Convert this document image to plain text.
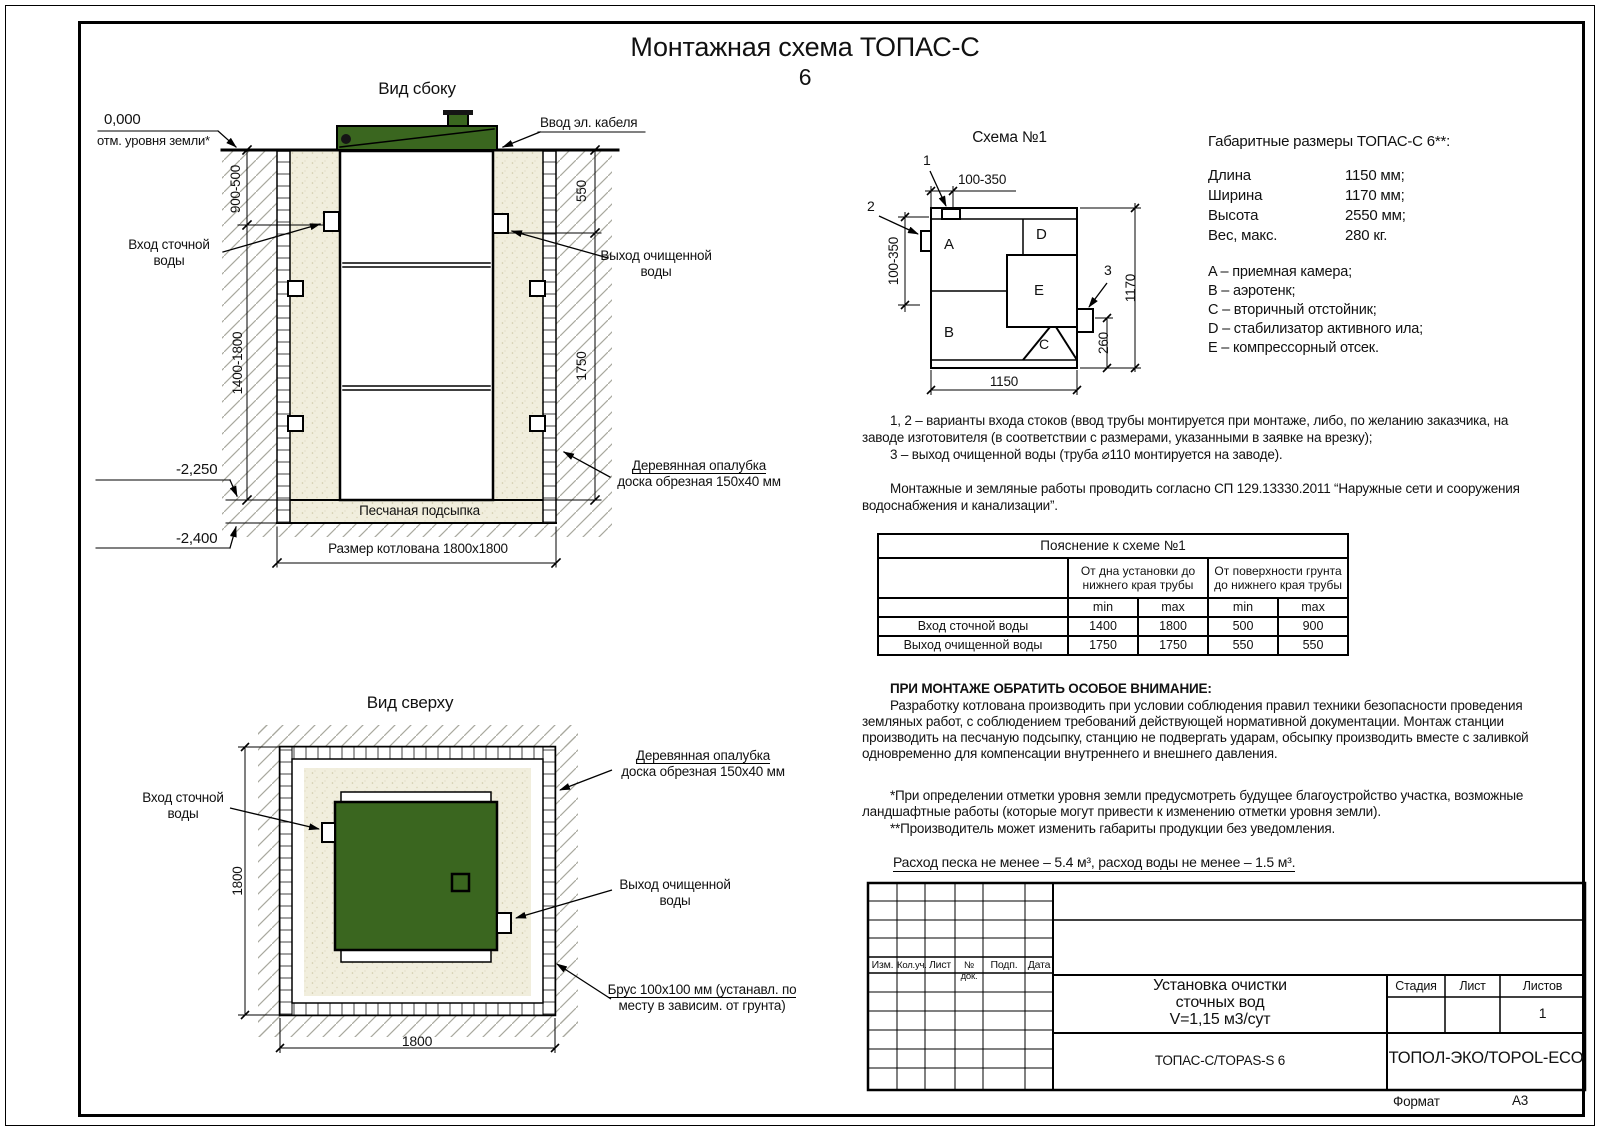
Монтажная схема ТОПАС-С
6
Вид сбоку
0,000
отм. уровня земли*
Вход сточной воды
Ввод эл. кабеля
Выход очищенной воды
Деревянная опалубка
доска обрезная 150х40 мм
Песчаная подсыпка
Размер котлована 1800х1800
-2,250
-2,400
900-500
1400-1800
550
1750
Вид сверху
Вход сточной воды
Деревянная опалубка
доска обрезная 150х40 мм
Выход очищенной воды
Брус 100х100 мм (устанавл. по
месту в зависим. от грунта)
1800
1800
Схема №1
1
2
3
100-350
100-350
1170
260
1150
A
B
C
D
E
Габаритные размеры ТОПАС-С 6**:
Длина	1150 мм;
Ширина	1170 мм;
Высота	2550 мм;
Вес, макс.	280 кг.
A – приемная камера;
B – аэротенк;
C – вторичный отстойник;
D – стабилизатор активного ила;
E – компрессорный отсек.
1, 2 – варианты входа стоков (ввод трубы монтируется при монтаже, либо, по желанию заказчика, на
заводе изготовителя (в соответствии с размерами, указанными в заявке на врезку);
3 – выход очищенной воды (труба ⌀110 монтируется на заводе).
Монтажные и земляные работы проводить согласно СП 129.13330.2011 “Наружные сети и сооружения
водоснабжения и канализации”.
Пояснение к схеме №1				
	От дна установки до нижнего края трубы		От поверхности грунта до нижнего края трубы	
	min	max	min	max
Вход сточной воды	1400	1800	500	900
Выход очищенной воды	1750	1750	550	550
ПРИ МОНТАЖЕ ОБРАТИТЬ ОСОБОЕ ВНИМАНИЕ:
Разработку котлована производить при условии соблюдения правил техники безопасности проведения
земляных работ, с соблюдением требований действующей нормативной документации. Монтаж станции
производить на песчаную подсыпку, станцию не подвергать ударам, обсыпку производить вместе с заливкой
одновременно для компенсации внутреннего и внешнего давления.
*При определении отметки уровня земли предусмотреть будущее благоустройство участка, возможные
ландшафтные работы (которые могут привести к изменению отметки уровня земли).
**Производитель может изменить габариты продукции без уведомления.
Расход песка не менее – 5.4 м³, расход воды не менее – 1.5 м³.
Изм. Кол.уч. Лист	№ док.
Подп. Дата
Установка очистки
сточных вод
V=1,15 м3/сут
Стадия	Лист	Листов
1
ТОПАС-С/TOPAS-S 6	ТОПОЛ-ЭКО/TOPOL-ECO
Формат	А3
